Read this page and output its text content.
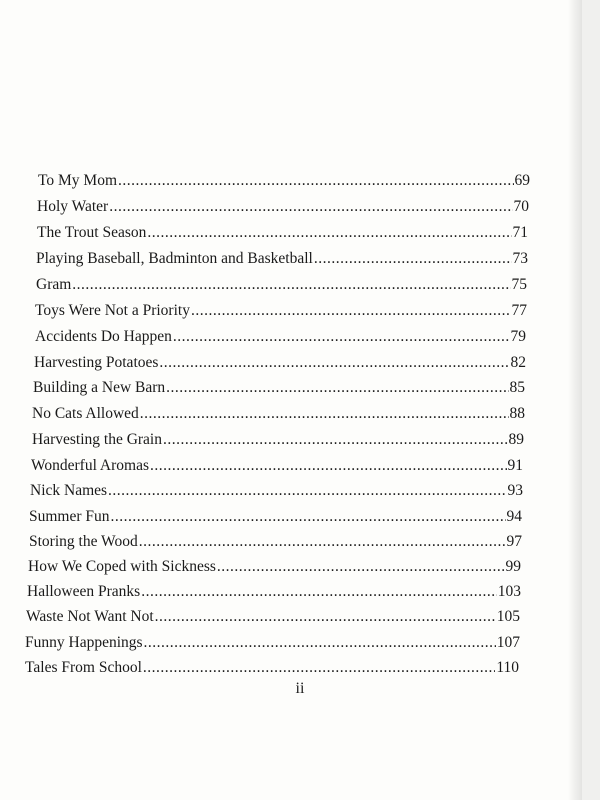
To My Mom .....	69
Holy Water .....	70
The Trout Season .....	71
Playing Baseball, Badminton and Basketball .....	73
Gram .....	75
Toys Were Not a Priority .....	77
Accidents Do Happen .....	79
Harvesting Potatoes .....	82
Building a New Barn .....	85
No Cats Allowed .....	88
Harvesting the Grain .....	89
Wonderful Aromas .....	91
Nick Names .....	93
Summer Fun .....	94
Storing the Wood .....	97
How We Coped with Sickness .....	99
Halloween Pranks .....	103
Waste Not Want Not .....	105
Funny Happenings .....	107
Tales From School .....	110
ii
